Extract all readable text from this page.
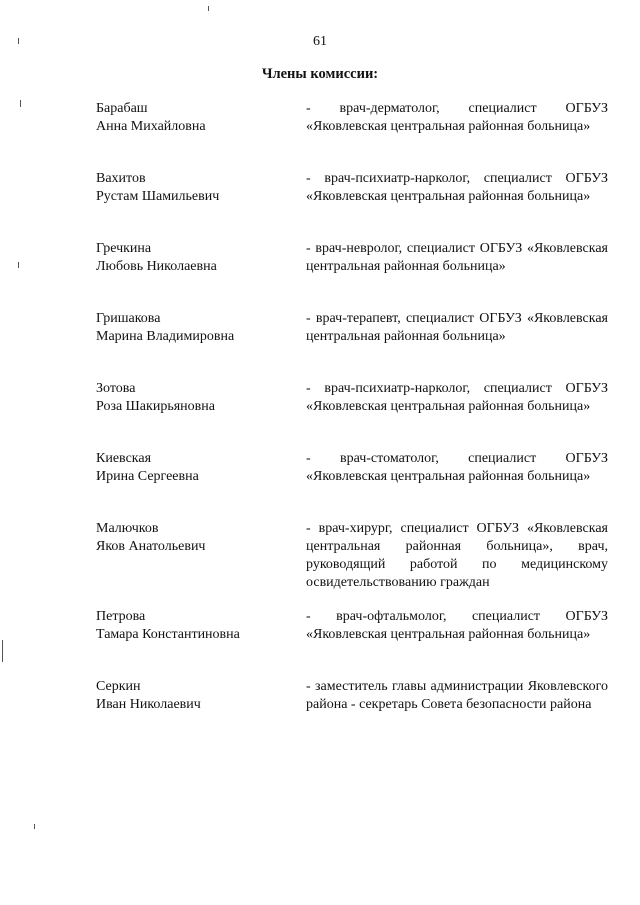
61
Члены комиссии:
Барабаш
Анна Михайловна
- врач-дерматолог, специалист ОГБУЗ «Яковлевская центральная районная больница»
Вахитов
Рустам Шамильевич
- врач-психиатр-нарколог, специалист ОГБУЗ «Яковлевская центральная районная больница»
Гречкина
Любовь Николаевна
- врач-невролог, специалист ОГБУЗ «Яковлевская центральная районная больница»
Гришакова
Марина Владимировна
- врач-терапевт, специалист ОГБУЗ «Яковлевская центральная районная больница»
Зотова
Роза Шакирьяновна
- врач-психиатр-нарколог, специалист ОГБУЗ «Яковлевская центральная районная больница»
Киевская
Ирина Сергеевна
- врач-стоматолог, специалист ОГБУЗ «Яковлевская центральная районная больница»
Малючков
Яков Анатольевич
- врач-хирург, специалист ОГБУЗ «Яковлевская центральная районная больница», врач, руководящий работой по медицинскому освидетельствованию граждан
Петрова
Тамара Константиновна
- врач-офтальмолог, специалист ОГБУЗ «Яковлевская центральная районная больница»
Серкин
Иван Николаевич
- заместитель главы администрации Яковлевского района - секретарь Совета безопасности района
